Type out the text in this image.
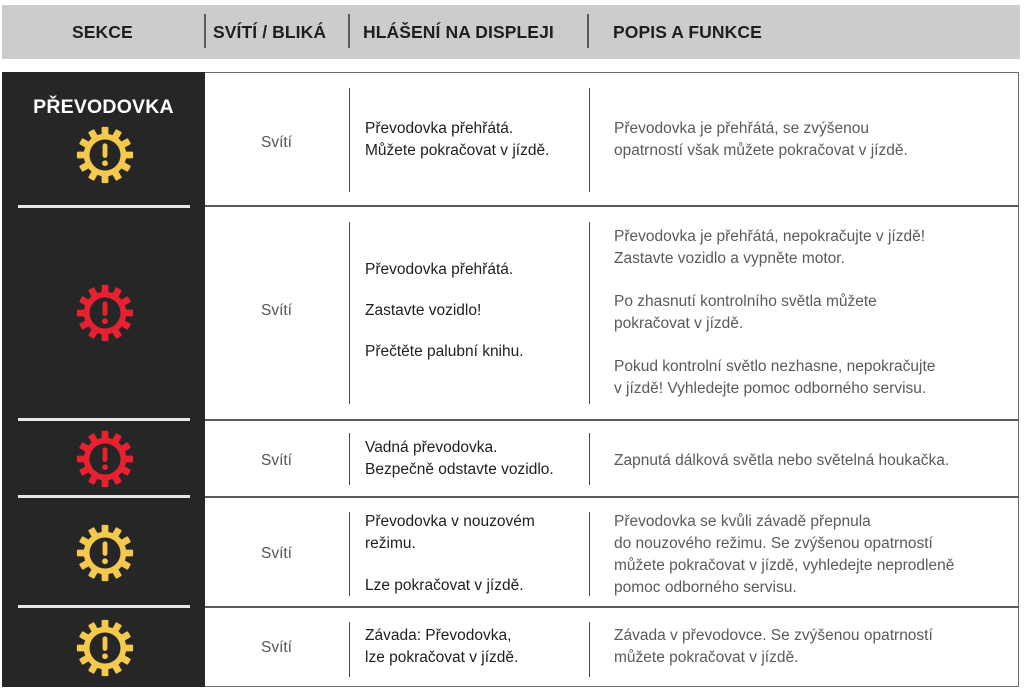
SEKCE	SVÍTÍ / BLIKÁ HLÁŠENÍ NA DISPLEJI	POPIS A FUNKCE
PŘEVODOVKA
Svítí

Převodovka přehřátá.

Můžete pokračovat v jízdě.

Převodovka je přehřátá, se zvýšenou

opatrností však můžete pokračovat v jízdě.

Svítí

Převodovka přehřátá.

Zastavte vozidlo!

Přečtěte palubní knihu.

Převodovka je přehřátá, nepokračujte v jízdě!

Zastavte vozidlo a vypněte motor.

Po zhasnutí kontrolního světla můžete

pokračovat v jízdě.

Pokud kontrolní světlo nezhasne, nepokračujte

v jízdě! Vyhledejte pomoc odborného servisu.

Svítí

Vadná převodovka.

Bezpečně odstavte vozidlo.

Zapnutá dálková světla nebo světelná houkačka.

Svítí

Převodovka v nouzovém

režimu.

Lze pokračovat v jízdě.

Převodovka se kvůli závadě přepnula

do nouzového režimu. Se zvýšenou opatrností

můžete pokračovat v jízdě, vyhledejte neprodleně

pomoc odborného servisu.

Svítí

Závada: Převodovka,

lze pokračovat v jízdě.

Závada v převodovce. Se zvýšenou opatrností

můžete pokračovat v jízdě.
